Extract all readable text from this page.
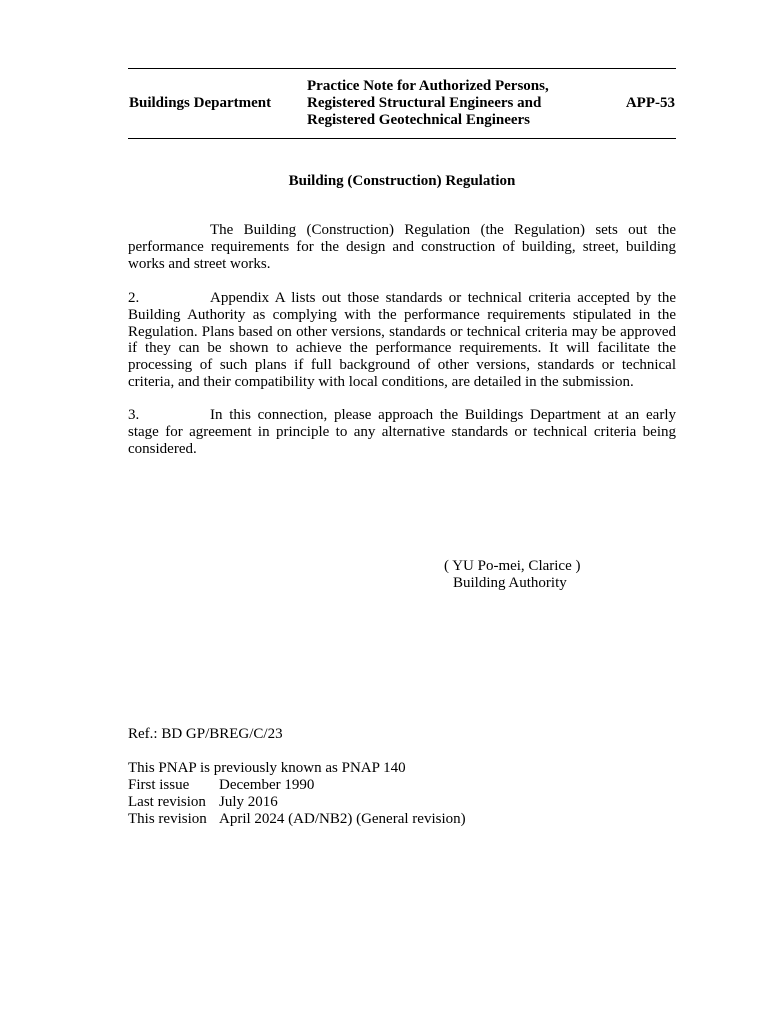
Buildings Department
Practice Note for Authorized Persons,
Registered Structural Engineers and
Registered Geotechnical Engineers
APP-53
Building (Construction) Regulation
The Building (Construction) Regulation (the Regulation) sets out the performance requirements for the design and construction of building, street, building works and street works.
2.	Appendix A lists out those standards or technical criteria accepted by the Building Authority as complying with the performance requirements stipulated in the Regulation. Plans based on other versions, standards or technical criteria may be approved if they can be shown to achieve the performance requirements. It will facilitate the processing of such plans if full background of other versions, standards or technical criteria, and their compatibility with local conditions, are detailed in the submission.
3.	In this connection, please approach the Buildings Department at an early stage for agreement in principle to any alternative standards or technical criteria being considered.
( YU Po-mei, Clarice )
Building Authority
Ref.: BD GP/BREG/C/23
This PNAP is previously known as PNAP 140
First issue December 1990
Last revision July 2016
This revision April 2024 (AD/NB2) (General revision)
